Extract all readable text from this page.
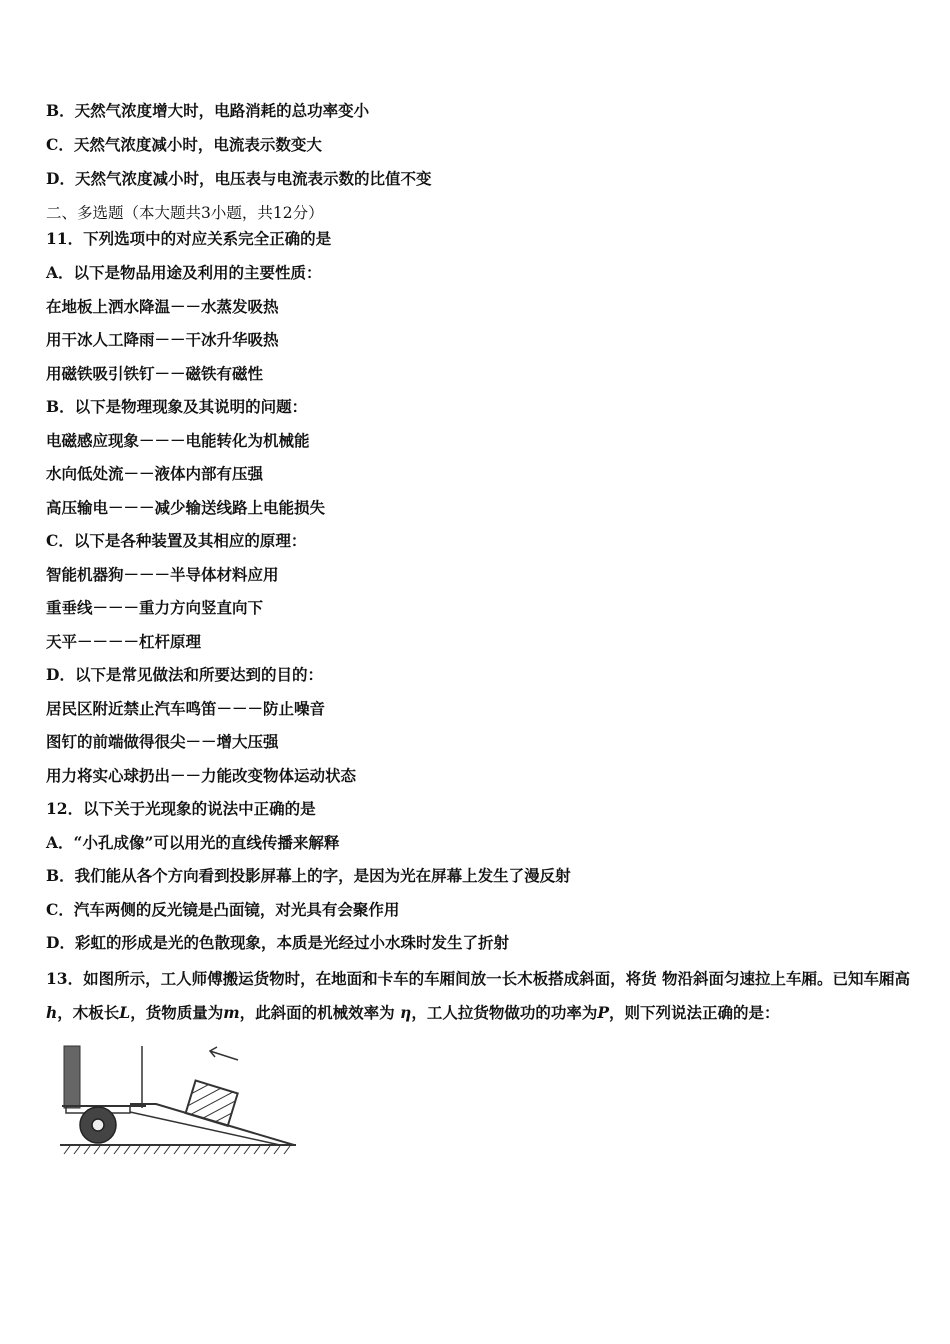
B．天然气浓度增大时，电路消耗的总功率变小
C．天然气浓度减小时，电流表示数变大
D．天然气浓度减小时，电压表与电流表示数的比值不变
二、多选题（本大题共3小题，共12分）
11．下列选项中的对应关系完全正确的是
A．以下是物品用途及利用的主要性质：
在地板上洒水降温－－水蒸发吸热
用干冰人工降雨－－干冰升华吸热
用磁铁吸引铁钉－－磁铁有磁性
B．以下是物理现象及其说明的问题：
电磁感应现象－－－电能转化为机械能
水向低处流－－液体内部有压强
高压输电－－－减少输送线路上电能损失
C．以下是各种装置及其相应的原理：
智能机器狗－－－半导体材料应用
重垂线－－－重力方向竖直向下
天平－－－－杠杆原理
D．以下是常见做法和所要达到的目的：
居民区附近禁止汽车鸣笛－－－防止噪音
图钉的前端做得很尖－－增大压强
用力将实心球扔出－－力能改变物体运动状态
12．以下关于光现象的说法中正确的是
A．“小孔成像”可以用光的直线传播来解释
B．我们能从各个方向看到投影屏幕上的字，是因为光在屏幕上发生了漫反射
C．汽车两侧的反光镜是凸面镜，对光具有会聚作用
D．彩虹的形成是光的色散现象，本质是光经过小水珠时发生了折射
13．如图所示，工人师傅搬运货物时，在地面和卡车的车厢间放一长木板搭成斜面，将货 物沿斜面匀速拉上车厢。已知车厢高h，木板长L，货物质量为m，此斜面的机械效率为 η，工人拉货物做功的功率为P，则下列说法正确的是：
